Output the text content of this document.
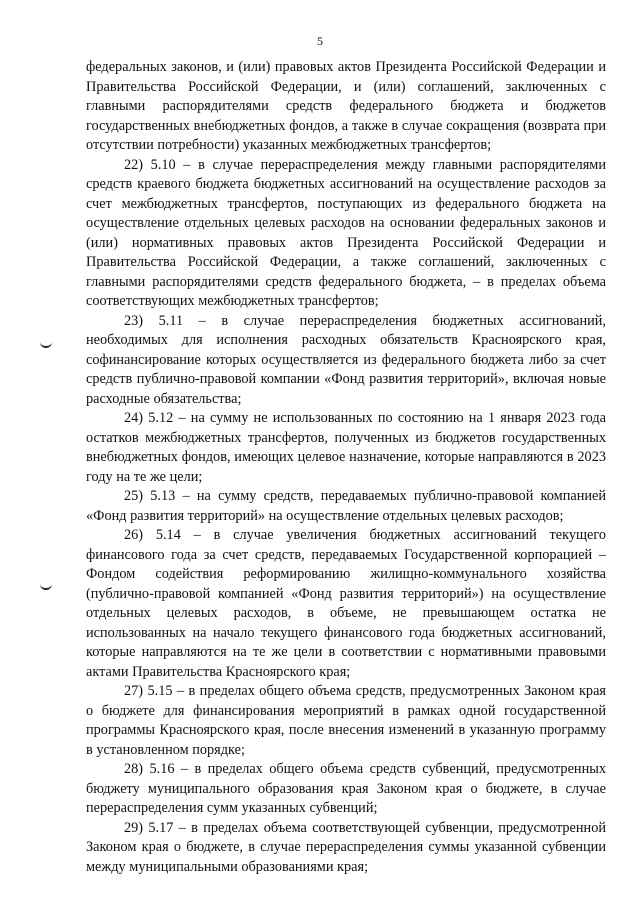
5

федеральных законов, и (или) правовых актов Президента Российской Федерации и Правительства Российской Федерации, и (или) соглашений, заключенных с главными распорядителями средств федерального бюджета и бюджетов государственных внебюджетных фондов, а также в случае сокращения (возврата при отсутствии потребности) указанных межбюджетных трансфертов;

22) 5.10 – в случае перераспределения между главными распорядителями средств краевого бюджета бюджетных ассигнований на осуществление расходов за счет межбюджетных трансфертов, поступающих из федерального бюджета на осуществление отдельных целевых расходов на основании федеральных законов и (или) нормативных правовых актов Президента Российской Федерации и Правительства Российской Федерации, а также соглашений, заключенных с главными распорядителями средств федерального бюджета, – в пределах объема соответствующих межбюджетных трансфертов;

23) 5.11 – в случае перераспределения бюджетных ассигнований, необходимых для исполнения расходных обязательств Красноярского края, софинансирование которых осуществляется из федерального бюджета либо за счет средств публично-правовой компании «Фонд развития территорий», включая новые расходные обязательства;

24) 5.12 – на сумму не использованных по состоянию на 1 января 2023 года остатков межбюджетных трансфертов, полученных из бюджетов государственных внебюджетных фондов, имеющих целевое назначение, которые направляются в 2023 году на те же цели;

25) 5.13 – на сумму средств, передаваемых публично-правовой компанией «Фонд развития территорий» на осуществление отдельных целевых расходов;

26) 5.14 – в случае увеличения бюджетных ассигнований текущего финансового года за счет средств, передаваемых Государственной корпорацией – Фондом содействия реформированию жилищно-коммунального хозяйства (публично-правовой компанией «Фонд развития территорий») на осуществление отдельных целевых расходов, в объеме, не превышающем остатка не использованных на начало текущего финансового года бюджетных ассигнований, которые направляются на те же цели в соответствии с нормативными правовыми актами Правительства Красноярского края;

27) 5.15 – в пределах общего объема средств, предусмотренных Законом края о бюджете для финансирования мероприятий в рамках одной государственной программы Красноярского края, после внесения изменений в указанную программу в установленном порядке;

28) 5.16 – в пределах общего объема средств субвенций, предусмотренных бюджету муниципального образования края Законом края о бюджете, в случае перераспределения сумм указанных субвенций;

29) 5.17 – в пределах объема соответствующей субвенции, предусмотренной Законом края о бюджете, в случае перераспределения суммы указанной субвенции между муниципальными образованиями края;
